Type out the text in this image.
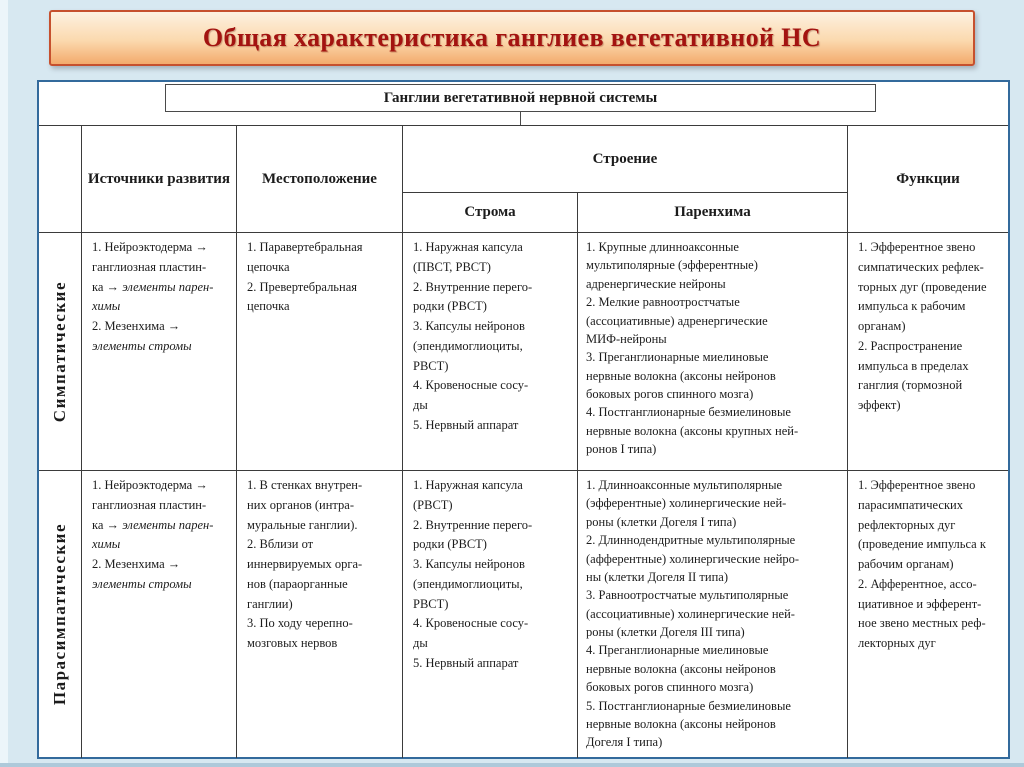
Общая характеристика ганглиев вегетативной НС
Ганглии вегетативной нервной системы
Источники развития	Местоположение
Строение
Строма	Паренхима
Функции
Симпатические
1. Нейроэктодерма →
ганглиозная пластин-
ка → элементы парен-
химы
2. Мезенхима →
элементы стромы
1. Паравертебральная
цепочка
2. Превертебральная
цепочка
1. Наружная капсула
(ПВСТ, РВСТ)
2. Внутренние перего-
родки (РВСТ)
3. Капсулы нейронов
(эпендимоглиоциты,
РВСТ)
4. Кровеносные сосу-
ды
5. Нервный аппарат
1. Крупные длинноаксонные
мультиполярные (эфферентные)
адренергические нейроны
2. Мелкие равноотростчатые
(ассоциативные) адренергические
МИФ-нейроны
3. Преганглионарные миелиновые
нервные волокна (аксоны нейронов
боковых рогов спинного мозга)
4. Постганглионарные безмиелиновые
нервные волокна (аксоны крупных ней-
ронов I типа)
1. Эфферентное звено
симпатических рефлек-
торных дуг (проведение
импульса к рабочим
органам)
2. Распространение
импульса в пределах
ганглия (тормозной
эффект)
Парасимпатические
1. Нейроэктодерма →
ганглиозная пластин-
ка → элементы парен-
химы
2. Мезенхима →
элементы стромы
1. В стенках внутрен-
них органов (интра-
муральные ганглии).
2. Вблизи от
иннервируемых орга-
нов (параорганные
ганглии)
3. По ходу черепно-
мозговых нервов
1. Наружная капсула
(РВСТ)
2. Внутренние перего-
родки (РВСТ)
3. Капсулы нейронов
(эпендимоглиоциты,
РВСТ)
4. Кровеносные сосу-
ды
5. Нервный аппарат
1. Длинноаксонные мультиполярные
(эфферентные) холинергические ней-
роны (клетки Догеля I типа)
2. Длиннодендритные мультиполярные
(афферентные) холинергические нейро-
ны (клетки Догеля II типа)
3. Равноотростчатые мультиполярные
(ассоциативные) холинергические ней-
роны (клетки Догеля III типа)
4. Преганглионарные миелиновые
нервные волокна (аксоны нейронов
боковых рогов спинного мозга)
5. Постганглионарные безмиелиновые
нервные волокна (аксоны нейронов
Догеля I типа)
1. Эфферентное звено
парасимпатических
рефлекторных дуг
(проведение импульса к
рабочим органам)
2. Афферентное, ассо-
циативное и эфферент-
ное звено местных реф-
лекторных дуг
